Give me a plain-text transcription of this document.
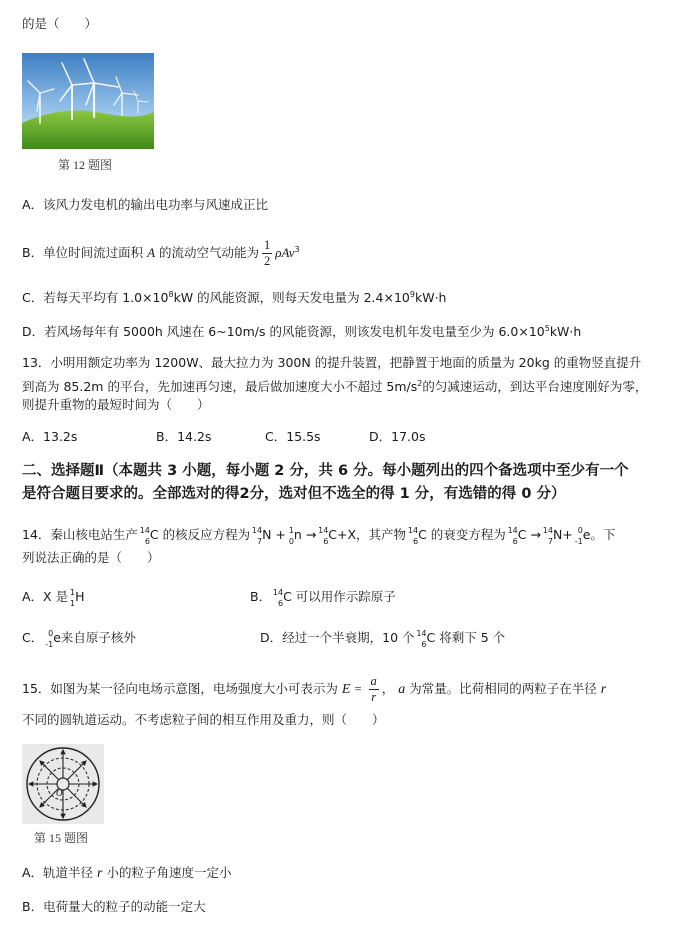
的是（　　）
第 12 题图
A．该风力发电机的输出电功率与风速成正比
B．单位时间流过面积 A 的流动空气动能为 $\frac{1}{2} \rho Av^3$
C．若每天平均有 $1.0\times 10^8kW$ 的风能资源，则每天发电量为 $2.4\times 10^9kW\cdot h$
D．若风场每年有 5000h 风速在 6~10m/s 的风能资源，则该发电机年发电量至少为 $6.0\times 10^5kW\cdot h$
13．小明用额定功率为 1200W、最大拉力为 300N 的提升装置，把静置于地面的质量为 20kg 的重物竖直提升
到高为 85.2m 的平台，先加速再匀速，最后做加速度大小不超过 $5m/s^2$的匀减速运动，到达平台速度刚好为零，
则提升重物的最短时间为（　　）
A．13.2s	B．14.2s	C．15.5s	D．17.0s
二、选择题Ⅱ（本题共 3 小题，每小题 2 分，共 6 分。每小题列出的四个备选项中至少有一个
是符合题目要求的。全部选对的得2分，选对但不选全的得 1 分，有选错的得 0 分）
14．秦山核电站生产 14
6 C 的核反应方程为 14
7 N + 1
0 n → 14
6 C+X，其产物 14
6 C 的衰变方程为 14
6 C → 14
7 N+ 0
-1 e。下
列说法正确的是（　　）
A．X 是 1
1 H	B． 14
6 C 可以用作示踪原子
C． 0
-1 e来自原子核外	D．经过一个半衰期，10 个 14
6 C 将剩下 5 个
15．如图为某一径向电场示意图，电场强度大小可表示为 $E = \frac{a}{r}$ ， a 为常量。比荷相同的两粒子在半径 r
不同的圆轨道运动。不考虑粒子间的相互作用及重力，则（　　）
O
第 15 题图
A．轨道半径 r 小的粒子角速度一定小
B．电荷量大的粒子的动能一定大
